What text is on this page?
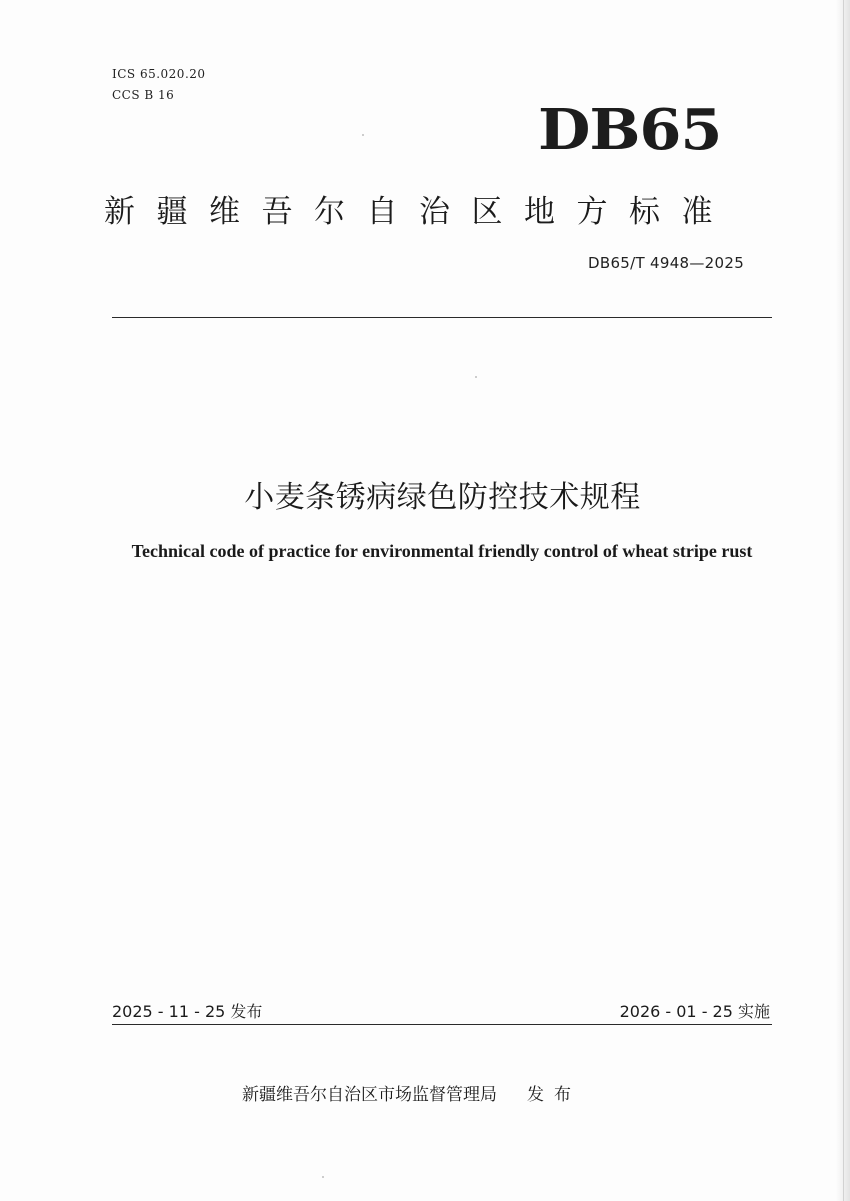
ICS 65.020.20
CCS B 16
DB65
新疆维吾尔自治区地方标准
DB65/T 4948—2025
小麦条锈病绿色防控技术规程
Technical code of practice for environmental friendly control of wheat stripe rust
2025 - 11 - 25 发布	2026 - 01 - 25 实施
新疆维吾尔自治区市场监督管理局 发布
